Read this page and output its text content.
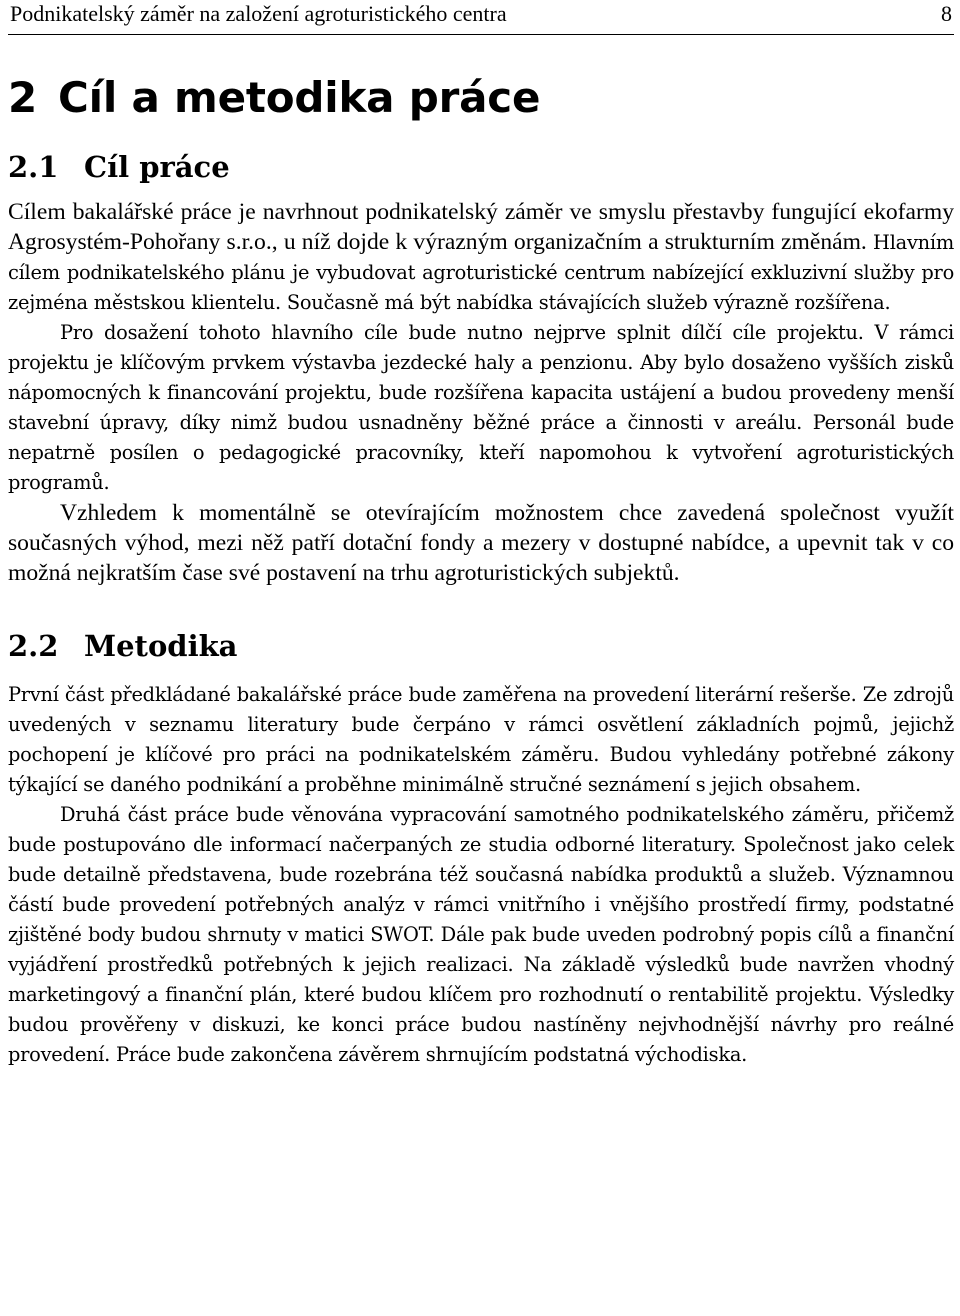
Podnikatelský záměr na založení agroturistického centra	8
2 Cíl a metodika práce
2.1 Cíl práce

Cílem bakalářské práce je navrhnout podnikatelský záměr ve smyslu přestavby fungující ekofarmy Agrosystém-Pohořany s.r.o., u níž dojde k výrazným organizačním a strukturním změnám. Hlavním cílem podnikatelského plánu je vybudovat agroturistické centrum nabízející exkluzivní služby pro zejména městskou klientelu. Současně má být nabídka stávajících služeb výrazně rozšířena.

Pro dosažení tohoto hlavního cíle bude nutno nejprve splnit dílčí cíle projektu. V rámci projektu je klíčovým prvkem výstavba jezdecké haly a penzionu. Aby bylo dosaženo vyšších zisků nápomocných k financování projektu, bude rozšířena kapacita ustájení a budou provedeny menší stavební úpravy, díky nimž budou usnadněny běžné práce a činnosti v areálu. Personál bude nepatrně posílen o pedagogické pracovníky, kteří napomohou k vytvoření agroturistických programů.

Vzhledem k momentálně se otevírajícím možnostem chce zavedená společnost využít současných výhod, mezi něž patří dotační fondy a mezery v dostupné nabídce, a upevnit tak v co možná nejkratším čase své postavení na trhu agroturistických subjektů.

2.2 Metodika

První část předkládané bakalářské práce bude zaměřena na provedení literární rešerše. Ze zdrojů uvedených v seznamu literatury bude čerpáno v rámci osvětlení základních pojmů, jejichž pochopení je klíčové pro práci na podnikatelském záměru. Budou vyhledány potřebné zákony týkající se daného podnikání a proběhne minimálně stručné seznámení s jejich obsahem.

Druhá část práce bude věnována vypracování samotného podnikatelského záměru, přičemž bude postupováno dle informací načerpaných ze studia odborné literatury. Společnost jako celek bude detailně představena, bude rozebrána též současná nabídka produktů a služeb. Významnou částí bude provedení potřebných analýz v rámci vnitřního i vnějšího prostředí firmy, podstatné zjištěné body budou shrnuty v matici SWOT. Dále pak bude uveden podrobný popis cílů a finanční vyjádření prostředků potřebných k jejich realizaci. Na základě výsledků bude navržen vhodný marketingový a finanční plán, které budou klíčem pro rozhodnutí o rentabilitě projektu. Výsledky budou prověřeny v diskuzi, ke konci práce budou nastíněny nejvhodnější návrhy pro reálné provedení. Práce bude zakončena závěrem shrnujícím podstatná východiska.
